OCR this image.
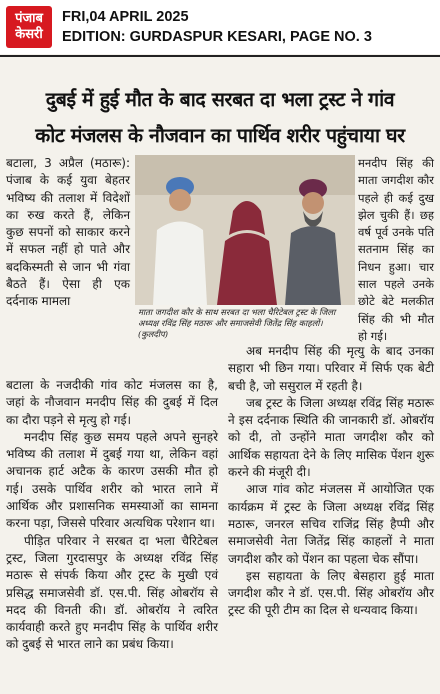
पंजाब
केसरी
FRI,04 APRIL 2025
EDITION: GURDASPUR KESARI, PAGE NO. 3
दुबई में हुई मौत के बाद सरबत दा भला ट्रस्ट ने गांव
कोट मंजलस के नौजवान का पार्थिव शरीर पहुंचाया घर

बटाला, 3 अप्रैल (मठारू): पंजाब के कई युवा बेहतर भविष्य की तलाश में विदेशों का रुख करते हैं, लेकिन कुछ सपनों को साकार करने में सफल नहीं हो पाते और बदकिस्मती से जान भी गंवा बैठते हैं। ऐसा ही एक दर्दनाक मामला

माता जगदीश कौर के साथ सरबत दा भला चैरिटेबल ट्रस्ट के जिला अध्यक्ष रविंद्र सिंह मठारू और समाजसेवी जितेंद्र सिंह काहलों। (कुलदीप)

मनदीप सिंह की माता जगदीश कौर पहले ही कई दुख झेल चुकी हैं। छह वर्ष पूर्व उनके पति सतनाम सिंह का निधन हुआ। चार साल पहले उनके छोटे बेटे मलकीत सिंह की भी मौत हो गई।

बटाला के नजदीकी गांव कोट मंजलस का है, जहां के नौजवान मनदीप सिंह की दुबई में दिल का दौरा पड़ने से मृत्यु हो गई।

मनदीप सिंह कुछ समय पहले अपने सुनहरे भविष्य की तलाश में दुबई गया था, लेकिन वहां अचानक हार्ट अटैक के कारण उसकी मौत हो गई। उसके पार्थिव शरीर को भारत लाने में आर्थिक और प्रशासनिक समस्याओं का सामना करना पड़ा, जिससे परिवार अत्यधिक परेशान था।

पीड़ित परिवार ने सरबत दा भला चैरिटेबल ट्रस्ट, जिला गुरदासपुर के अध्यक्ष रविंद्र सिंह मठारू से संपर्क किया और ट्रस्ट के मुखी एवं प्रसिद्ध समाजसेवी डॉ. एस.पी. सिंह ओबरॉय से मदद की विनती की। डॉ. ओबरॉय ने त्वरित कार्यवाही करते हुए मनदीप सिंह के पार्थिव शरीर को दुबई से भारत लाने का प्रबंध किया।

अब मनदीप सिंह की मृत्यु के बाद उनका सहारा भी छिन गया। परिवार में सिर्फ एक बेटी बची है, जो ससुराल में रहती है।

जब ट्रस्ट के जिला अध्यक्ष रविंद्र सिंह मठारू ने इस दर्दनाक स्थिति की जानकारी डॉ. ओबरॉय को दी, तो उन्होंने माता जगदीश कौर को आर्थिक सहायता देने के लिए मासिक पेंशन शुरू करने की मंजूरी दी।

आज गांव कोट मंजलस में आयोजित एक कार्यक्रम में ट्रस्ट के जिला अध्यक्ष रविंद्र सिंह मठारू, जनरल सचिव राजिंद्र सिंह हैप्पी और समाजसेवी नेता जितेंद्र सिंह काहलों ने माता जगदीश कौर को पेंशन का पहला चेक सौंपा।

इस सहायता के लिए बेसहारा हुई माता जगदीश कौर ने डॉ. एस.पी. सिंह ओबरॉय और ट्रस्ट की पूरी टीम का दिल से धन्यवाद किया।
